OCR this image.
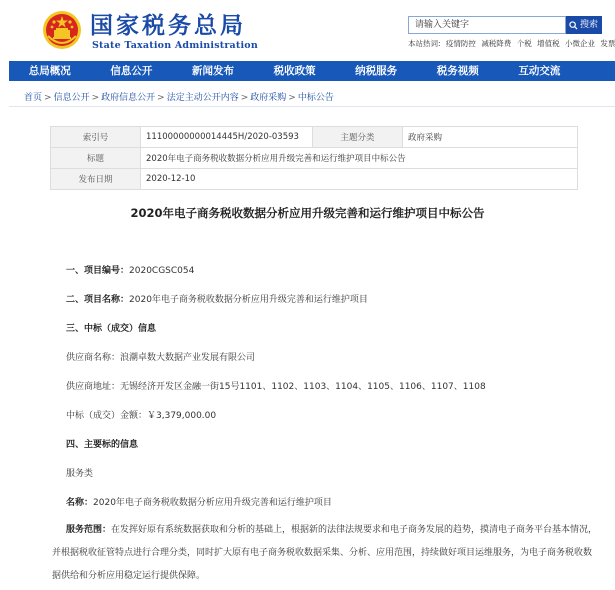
国家税务总局
State Taxation Administration
请输入关键字	搜索
本站热词: 疫情防控 减税降费 个税 增值税 小微企业 发票
总局概况	信息公开	新闻发布	税收政策	纳税服务	税务视频	互动交流
首页 > 信息公开 > 政府信息公开 > 法定主动公开内容 > 政府采购 > 中标公告
索引号	111000000000144​45H/2020-03593	主题分类	政府采购
标题	2020年电子商务税收数据分析应用升级完善和运行维护项目中标公告		
发布日期	2020-12-10		
2020年电子商务税收数据分析应用升级完善和运行维护项目中标公告
一、项目编号：2020CGSC054
二、项目名称：2020年电子商务税收数据分析应用升级完善和运行维护项目
三、中标（成交）信息
供应商名称：浪潮卓数大数据产业发展有限公司
供应商地址：无锡经济开发区金融一街15号1101、1102、1103、1104、1105、1106、1107、1108
中标（成交）金额：￥3,379,000.00
四、主要标的信息
服务类
名称：2020年电子商务税收数据分析应用升级完善和运行维护项目
服务范围：在发挥好原有系统数据获取和分析的基础上，根据新的法律法规要求和电子商务发展的趋势，摸清电子商务平台基本情况，并根据税收征管特点进行合理分类，同时扩大原有电子商务税收数据采集、分析、应用范围，持续做好项目运维服务，为电子商务税收数据供给和分析应用稳定运行提供保障。
